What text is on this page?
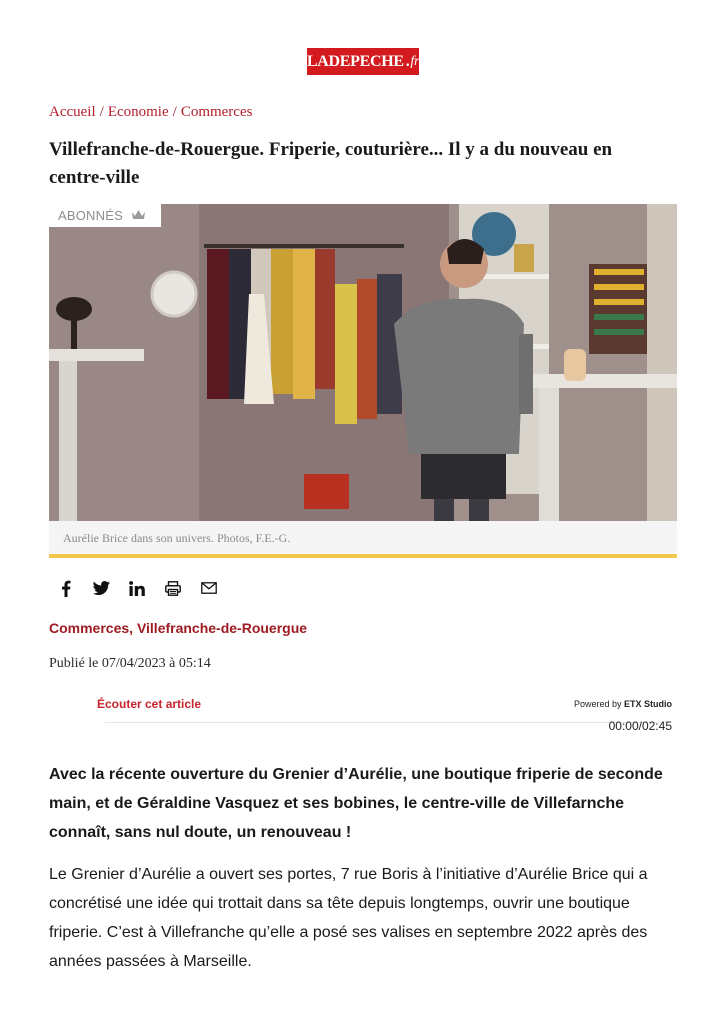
LADEPECHE . fr
Accueil / Economie / Commerces
Villefranche-de-Rouergue. Friperie, couturière... Il y a du nouveau en centre-ville
ABONNÉS
Aurélie Brice dans son univers. Photos, F.E.-G.
Commerces, Villefranche-de-Rouergue
Publié le 07/04/2023 à 05:14
Écouter cet article	Powered by ETX Studio
00:00/02:45

Avec la récente ouverture du Grenier d’Aurélie, une boutique friperie de seconde main, et de Géraldine Vasquez et ses bobines, le centre-ville de Villefarnche connaît, sans nul doute, un renouveau !

Le Grenier d’Aurélie a ouvert ses portes, 7 rue Boris à l’initiative d’Aurélie Brice qui a concrétisé une idée qui trottait dans sa tête depuis longtemps, ouvrir une boutique friperie. C’est à Villefranche qu’elle a posé ses valises en septembre 2022 après des années passées à Marseille.
